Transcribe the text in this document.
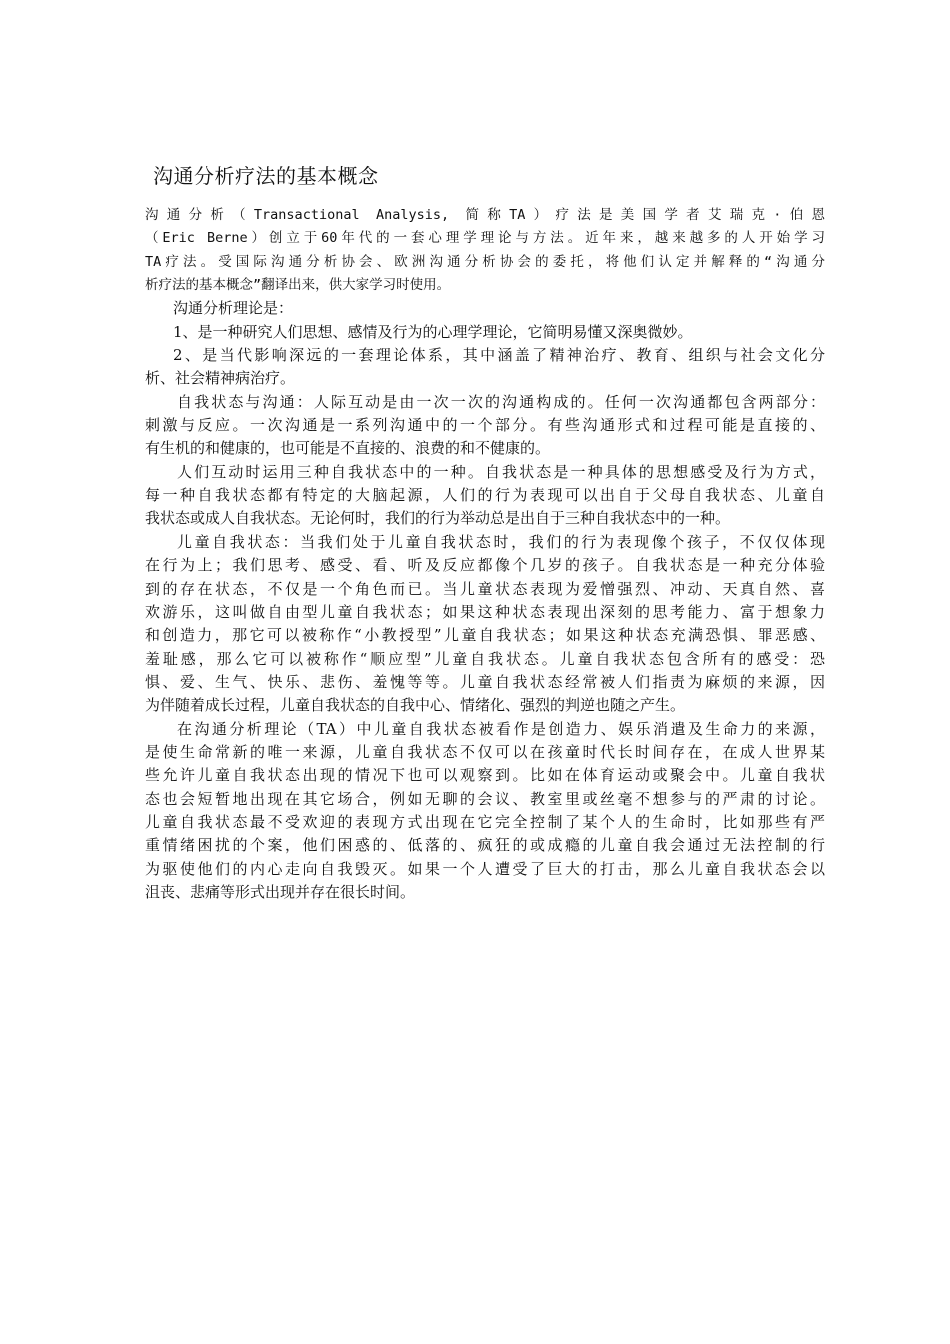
沟通分析疗法的基本概念
沟通分析（Transactional Analysis, 简称TA）疗法是美国学者艾瑞克·伯恩
（Eric Berne）创立于60年代的一套心理学理论与方法。近年来，越来越多的人开始学习
TA疗法。受国际沟通分析协会、欧洲沟通分析协会的委托，将他们认定并解释的“沟通分
析疗法的基本概念”翻译出来，供大家学习时使用。
沟通分析理论是：
1、是一种研究人们思想、感情及行为的心理学理论，它简明易懂又深奥微妙。
2、是当代影响深远的一套理论体系，其中涵盖了精神治疗、教育、组织与社会文化分
析、社会精神病治疗。
自我状态与沟通：人际互动是由一次一次的沟通构成的。任何一次沟通都包含两部分：
刺激与反应。一次沟通是一系列沟通中的一个部分。有些沟通形式和过程可能是直接的、
有生机的和健康的，也可能是不直接的、浪费的和不健康的。
人们互动时运用三种自我状态中的一种。自我状态是一种具体的思想感受及行为方式，
每一种自我状态都有特定的大脑起源，人们的行为表现可以出自于父母自我状态、儿童自
我状态或成人自我状态。无论何时，我们的行为举动总是出自于三种自我状态中的一种。
儿童自我状态：当我们处于儿童自我状态时，我们的行为表现像个孩子，不仅仅体现
在行为上；我们思考、感受、看、听及反应都像个几岁的孩子。自我状态是一种充分体验
到的存在状态，不仅是一个角色而已。当儿童状态表现为爱憎强烈、冲动、天真自然、喜
欢游乐，这叫做自由型儿童自我状态；如果这种状态表现出深刻的思考能力、富于想象力
和创造力，那它可以被称作“小教授型”儿童自我状态；如果这种状态充满恐惧、罪恶感、
羞耻感，那么它可以被称作“顺应型”儿童自我状态。儿童自我状态包含所有的感受：恐
惧、爱、生气、快乐、悲伤、羞愧等等。儿童自我状态经常被人们指责为麻烦的来源，因
为伴随着成长过程，儿童自我状态的自我中心、情绪化、强烈的判逆也随之产生。
在沟通分析理论（TA）中儿童自我状态被看作是创造力、娱乐消遣及生命力的来源，
是使生命常新的唯一来源，儿童自我状态不仅可以在孩童时代长时间存在，在成人世界某
些允许儿童自我状态出现的情况下也可以观察到。比如在体育运动或聚会中。儿童自我状
态也会短暂地出现在其它场合，例如无聊的会议、教室里或丝毫不想参与的严肃的讨论。
儿童自我状态最不受欢迎的表现方式出现在它完全控制了某个人的生命时，比如那些有严
重情绪困扰的个案，他们困惑的、低落的、疯狂的或成瘾的儿童自我会通过无法控制的行
为驱使他们的内心走向自我毁灭。如果一个人遭受了巨大的打击，那么儿童自我状态会以
沮丧、悲痛等形式出现并存在很长时间。
